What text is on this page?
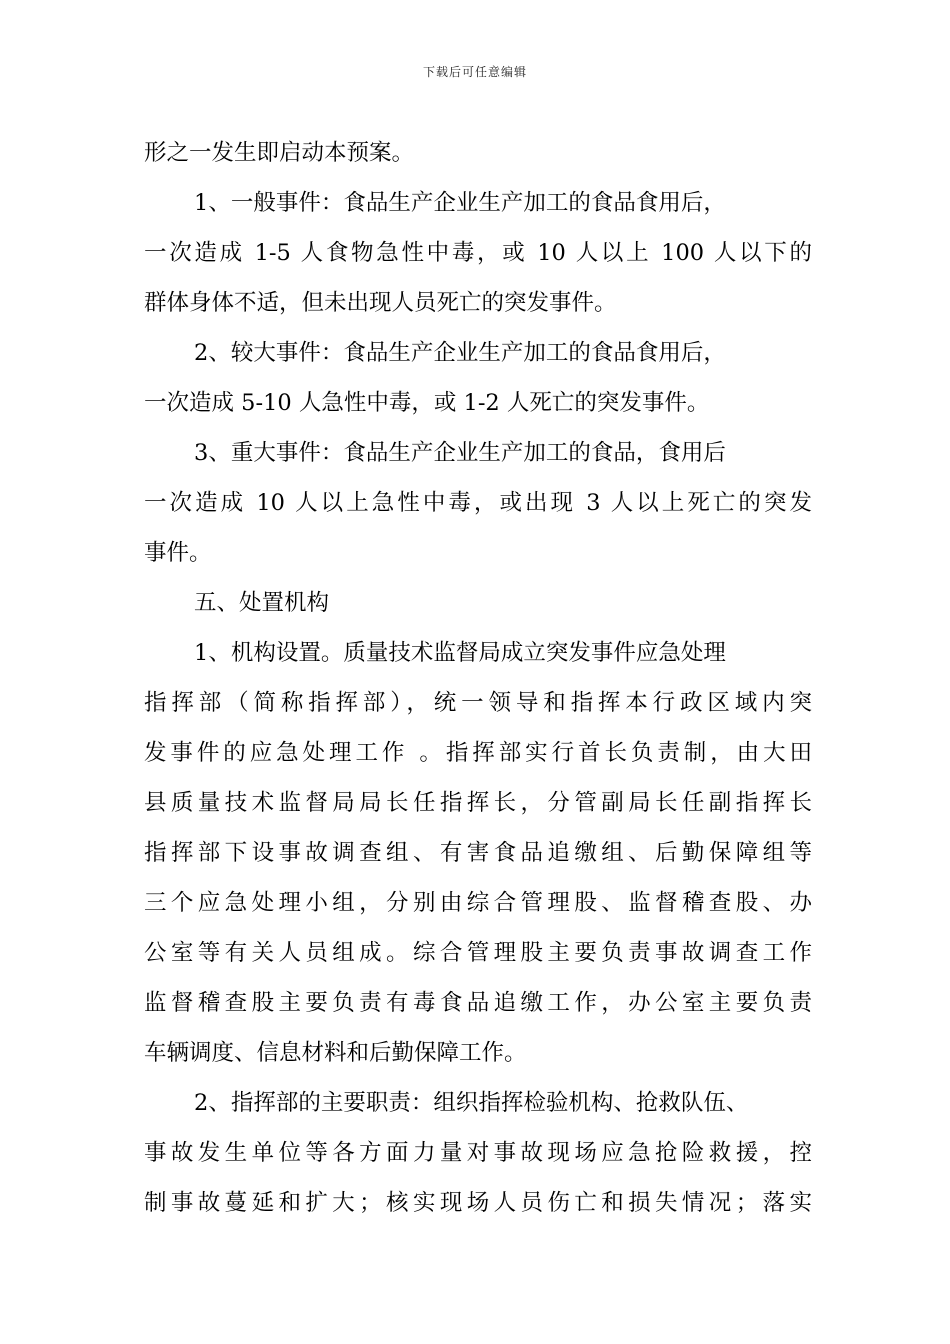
下载后可任意编辑
形之一发生即启动本预案。
1、一般事件：食品生产企业生产加工的食品食用后，
一次造成 1-5 人食物急性中毒，或 10 人以上 100 人以下的
群体身体不适，但未出现人员死亡的突发事件。
2、较大事件：食品生产企业生产加工的食品食用后，
一次造成 5-10 人急性中毒，或 1-2 人死亡的突发事件。
3、重大事件：食品生产企业生产加工的食品，食用后
一次造成 10 人以上急性中毒，或出现 3 人以上死亡的突发
事件。
五、处置机构
1、机构设置。质量技术监督局成立突发事件应急处理
指挥部（简称指挥部），统一领导和指挥本行政区域内突
发事件的应急处理工作 。指挥部实行首长负责制，由大田
县质量技术监督局局长任指挥长，分管副局长任副指挥长
指挥部下设事故调查组、有害食品追缴组、后勤保障组等
三个应急处理小组，分别由综合管理股、监督稽查股、办
公室等有关人员组成。综合管理股主要负责事故调查工作
监督稽查股主要负责有毒食品追缴工作，办公室主要负责
车辆调度、信息材料和后勤保障工作。
2、指挥部的主要职责：组织指挥检验机构、抢救队伍、
事故发生单位等各方面力量对事故现场应急抢险救援，控
制事故蔓延和扩大；核实现场人员伤亡和损失情况；落实
